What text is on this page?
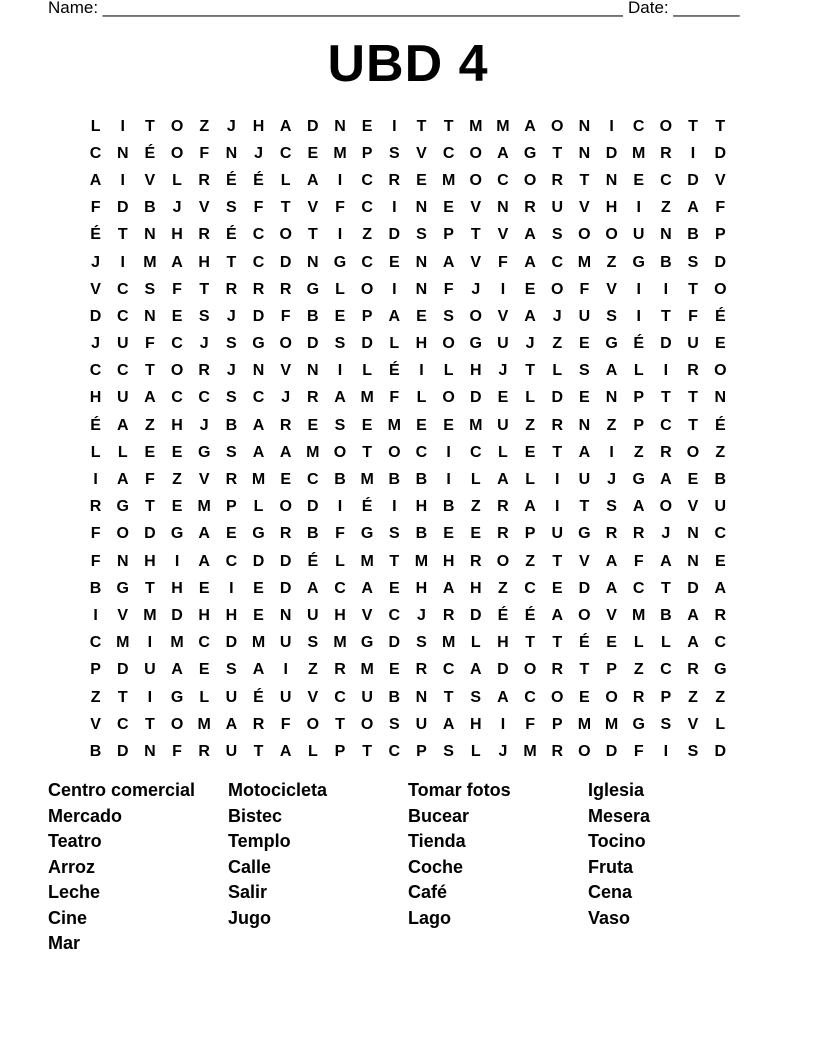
Name: _______________________________________________________ Date: _______
UBD 4
L	I	T	O	Z	J	H	A	D	N	E	I	T	T	M	M	A	O	N	I	C	O	T	T
C	N	É	O	F	N	J	C	E	M	P	S	V	C	O	A	G	T	N	D	M	R	I	D
A	I	V	L	R	É	É	L	A	I	C	R	E	M	O	C	O	R	T	N	E	C	D	V
F	D	B	J	V	S	F	T	V	F	C	I	N	E	V	N	R	U	V	H	I	Z	A	F
É	T	N	H	R	É	C	O	T	I	Z	D	S	P	T	V	A	S	O	O	U	N	B	P
J	I	M	A	H	T	C	D	N	G	C	E	N	A	V	F	A	C	M	Z	G	B	S	D
V	C	S	F	T	R	R	R	G	L	O	I	N	F	J	I	E	O	F	V	I	I	T	O
D	C	N	E	S	J	D	F	B	E	P	A	E	S	O	V	A	J	U	S	I	T	F	É
J	U	F	C	J	S	G	O	D	S	D	L	H	O	G	U	J	Z	E	G	É	D	U	E
C	C	T	O	R	J	N	V	N	I	L	É	I	L	H	J	T	L	S	A	L	I	R	O
H	U	A	C	C	S	C	J	R	A	M	F	L	O	D	E	L	D	E	N	P	T	T	N
É	A	Z	H	J	B	A	R	E	S	E	M	E	E	M	U	Z	R	N	Z	P	C	T	É
L	L	E	E	G	S	A	A	M	O	T	O	C	I	C	L	E	T	A	I	Z	R	O	Z
I	A	F	Z	V	R	M	E	C	B	M	B	B	I	L	A	L	I	U	J	G	A	E	B
R	G	T	E	M	P	L	O	D	I	É	I	H	B	Z	R	A	I	T	S	A	O	V	U
F	O	D	G	A	E	G	R	B	F	G	S	B	E	E	R	P	U	G	R	R	J	N	C
F	N	H	I	A	C	D	D	É	L	M	T	M	H	R	O	Z	T	V	A	F	A	N	E
B	G	T	H	E	I	E	D	A	C	A	E	H	A	H	Z	C	E	D	A	C	T	D	A
I	V	M	D	H	H	E	N	U	H	V	C	J	R	D	É	É	A	O	V	M	B	A	R
C	M	I	M	C	D	M	U	S	M	G	D	S	M	L	H	T	T	É	E	L	L	A	C
P	D	U	A	E	S	A	I	Z	R	M	E	R	C	A	D	O	R	T	P	Z	C	R	G
Z	T	I	G	L	U	É	U	V	C	U	B	N	T	S	A	C	O	E	O	R	P	Z	Z
V	C	T	O	M	A	R	F	O	T	O	S	U	A	H	I	F	P	M	M	G	S	V	L
B	D	N	F	R	U	T	A	L	P	T	C	P	S	L	J	M	R	O	D	F	I	S	D
Centro comercial	Motocicleta	Tomar fotos	Iglesia
Mercado	Bistec	Bucear	Mesera
Teatro	Templo	Tienda	Tocino
Arroz	Calle	Coche	Fruta
Leche	Salir	Café	Cena
Cine	Jugo	Lago	Vaso
Mar
